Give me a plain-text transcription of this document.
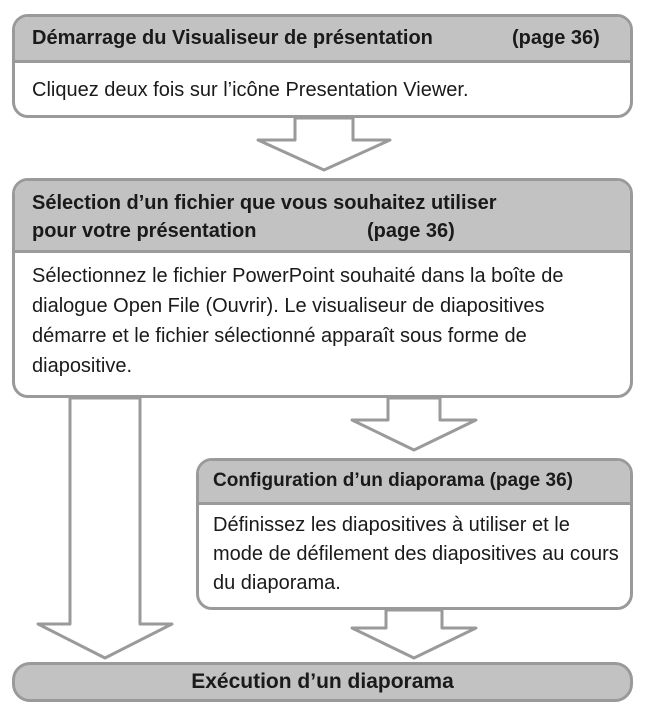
Démarrage du Visualiseur de présentation	(page 36)
Cliquez deux fois sur l’icône Presentation Viewer.
Sélection d’un fichier que vous souhaitez utiliser
pour votre présentation	(page 36)
Sélectionnez le fichier PowerPoint souhaité dans la boîte de dialogue Open File (Ouvrir). Le visualiseur de diapositives démarre et le fichier sélectionné apparaît sous forme de diapositive.
Configuration d’un diaporama (page 36)
Définissez les diapositives à utiliser et le mode de défilement des diapositives au cours du diaporama.
Exécution d’un diaporama
